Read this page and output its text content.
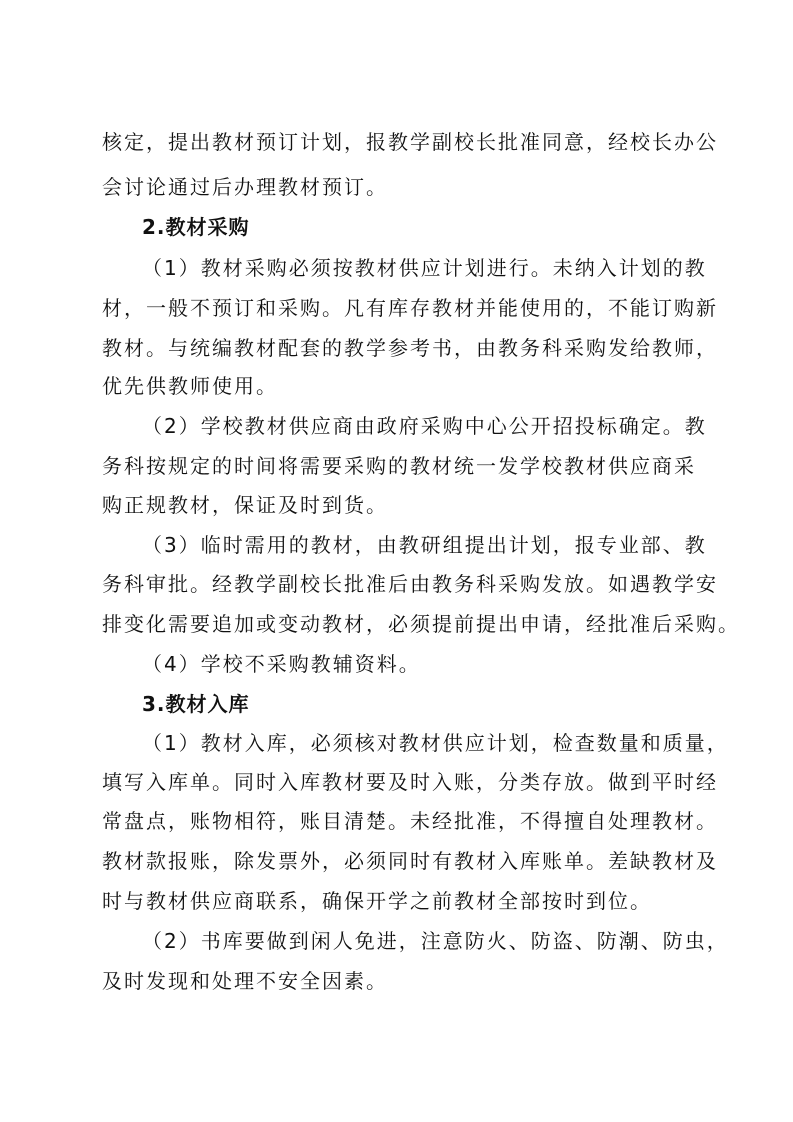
核定，提出教材预订计划，报教学副校长批准同意，经校长办公
会讨论通过后办理教材预订。
2.教材采购
（1）教材采购必须按教材供应计划进行。未纳入计划的教
材，一般不预订和采购。凡有库存教材并能使用的，不能订购新
教材。与统编教材配套的教学参考书，由教务科采购发给教师，
优先供教师使用。
（2）学校教材供应商由政府采购中心公开招投标确定。教
务科按规定的时间将需要采购的教材统一发学校教材供应商采
购正规教材，保证及时到货。
（3）临时需用的教材，由教研组提出计划，报专业部、教
务科审批。经教学副校长批准后由教务科采购发放。如遇教学安
排变化需要追加或变动教材，必须提前提出申请，经批准后采购。
（4）学校不采购教辅资料。
3.教材入库
（1）教材入库，必须核对教材供应计划，检查数量和质量，
填写入库单。同时入库教材要及时入账，分类存放。做到平时经
常盘点，账物相符，账目清楚。未经批准，不得擅自处理教材。
教材款报账，除发票外，必须同时有教材入库账单。差缺教材及
时与教材供应商联系，确保开学之前教材全部按时到位。
（2）书库要做到闲人免进，注意防火、防盗、防潮、防虫，
及时发现和处理不安全因素。
